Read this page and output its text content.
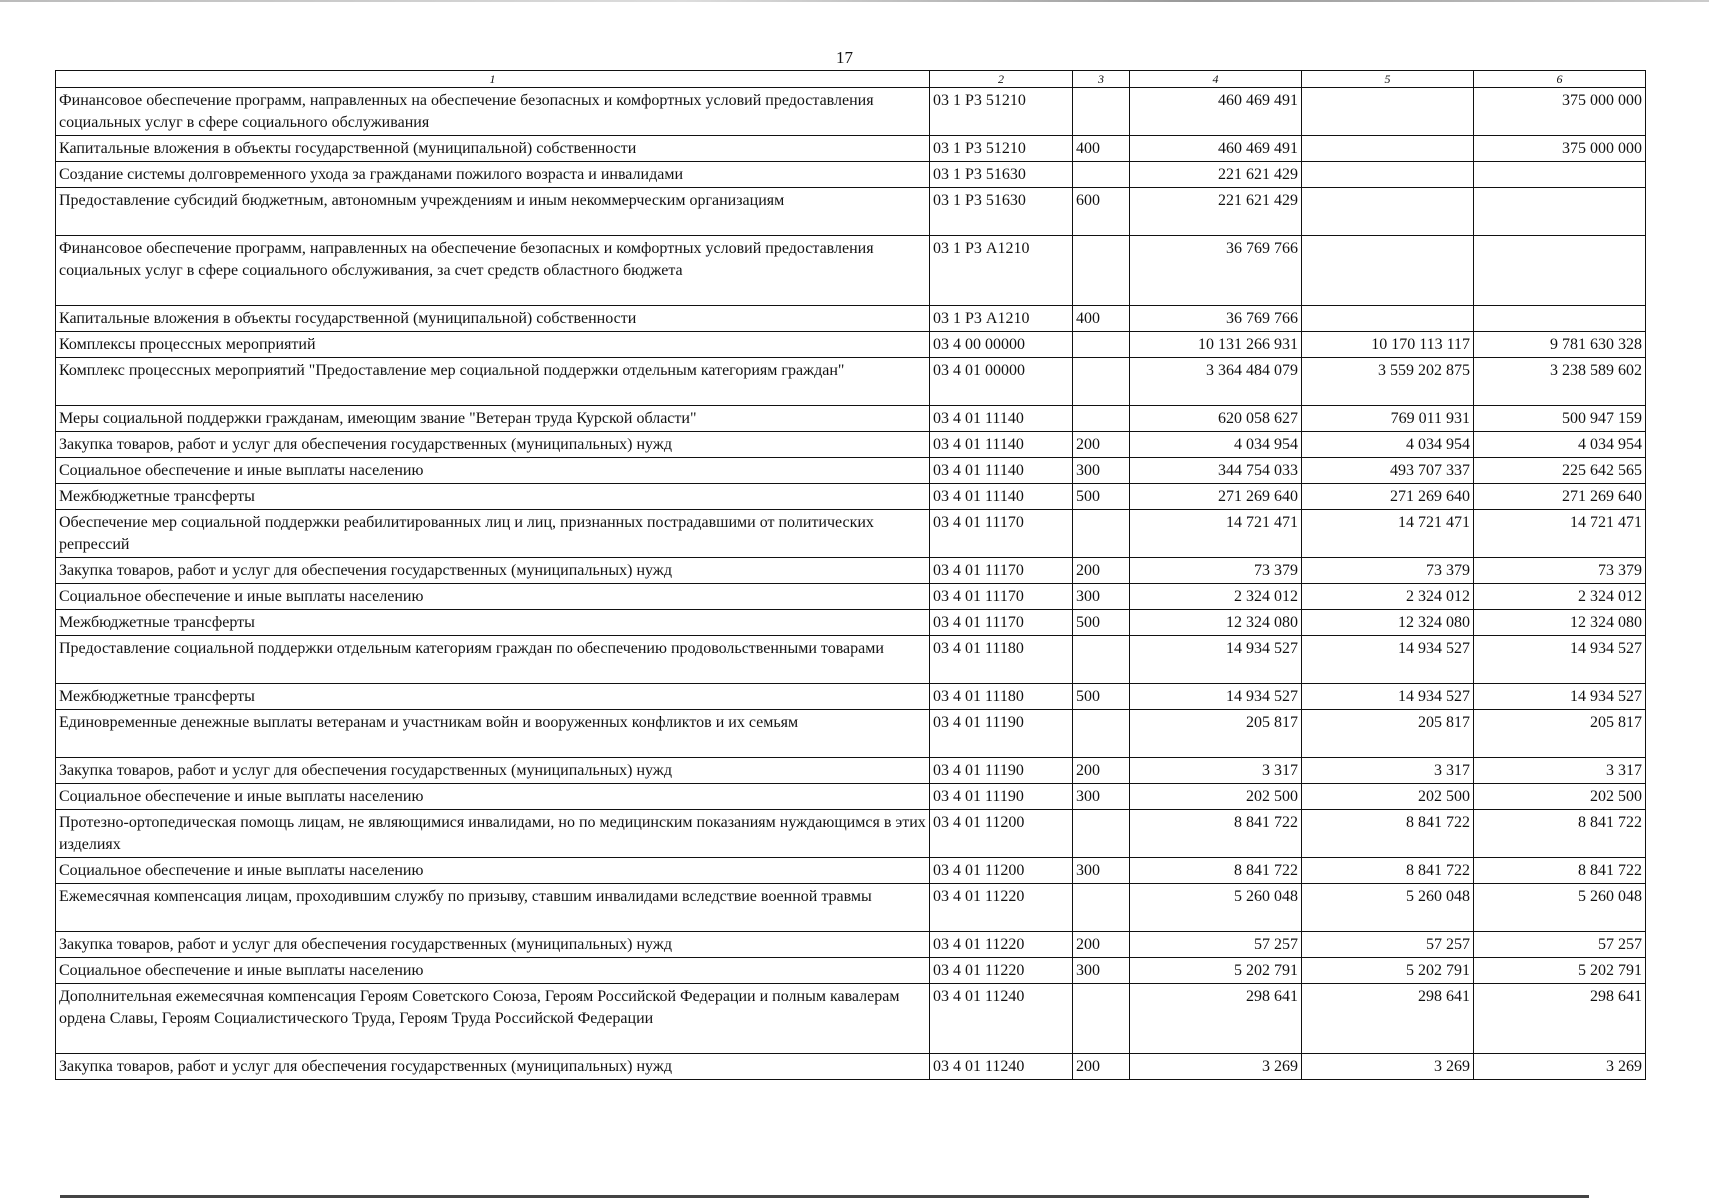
17
1	2	3	4	5	6
Финансовое обеспечение программ, направленных на обеспечение безопасных и комфортных условий предоставления социальных услуг в сфере социального обслуживания	03 1 Р3 51210		460 469 491		375 000 000
Капитальные вложения в объекты государственной (муниципальной) собственности	03 1 Р3 51210	400	460 469 491		375 000 000
Создание системы долговременного ухода за гражданами пожилого возраста и инвалидами	03 1 Р3 51630		221 621 429		
Предоставление субсидий бюджетным, автономным учреждениям и иным некоммерческим организациям	03 1 Р3 51630	600	221 621 429		
Финансовое обеспечение программ, направленных на обеспечение безопасных и комфортных условий предоставления социальных услуг в сфере социального обслуживания, за счет средств областного бюджета	03 1 Р3 А1210		36 769 766		
Капитальные вложения в объекты государственной (муниципальной) собственности	03 1 Р3 А1210	400	36 769 766		
Комплексы процессных мероприятий	03 4 00 00000		10 131 266 931	10 170 113 117	9 781 630 328
Комплекс процессных мероприятий "Предоставление мер социальной поддержки отдельным категориям граждан"	03 4 01 00000		3 364 484 079	3 559 202 875	3 238 589 602
Меры социальной поддержки гражданам, имеющим звание "Ветеран труда Курской области"	03 4 01 11140		620 058 627	769 011 931	500 947 159
Закупка товаров, работ и услуг для обеспечения государственных (муниципальных) нужд	03 4 01 11140	200	4 034 954	4 034 954	4 034 954
Социальное обеспечение и иные выплаты населению	03 4 01 11140	300	344 754 033	493 707 337	225 642 565
Межбюджетные трансферты	03 4 01 11140	500	271 269 640	271 269 640	271 269 640
Обеспечение мер социальной поддержки реабилитированных лиц и лиц, признанных пострадавшими от политических репрессий	03 4 01 11170		14 721 471	14 721 471	14 721 471
Закупка товаров, работ и услуг для обеспечения государственных (муниципальных) нужд	03 4 01 11170	200	73 379	73 379	73 379
Социальное обеспечение и иные выплаты населению	03 4 01 11170	300	2 324 012	2 324 012	2 324 012
Межбюджетные трансферты	03 4 01 11170	500	12 324 080	12 324 080	12 324 080
Предоставление социальной поддержки отдельным категориям граждан по обеспечению продовольственными товарами	03 4 01 11180		14 934 527	14 934 527	14 934 527
Межбюджетные трансферты	03 4 01 11180	500	14 934 527	14 934 527	14 934 527
Единовременные денежные выплаты ветеранам и участникам войн и вооруженных конфликтов и их семьям	03 4 01 11190		205 817	205 817	205 817
Закупка товаров, работ и услуг для обеспечения государственных (муниципальных) нужд	03 4 01 11190	200	3 317	3 317	3 317
Социальное обеспечение и иные выплаты населению	03 4 01 11190	300	202 500	202 500	202 500
Протезно-ортопедическая помощь лицам, не являющимися инвалидами, но по медицинским показаниям нуждающимся в этих изделиях	03 4 01 11200		8 841 722	8 841 722	8 841 722
Социальное обеспечение и иные выплаты населению	03 4 01 11200	300	8 841 722	8 841 722	8 841 722
Ежемесячная компенсация лицам, проходившим службу по призыву, ставшим инвалидами вследствие военной травмы	03 4 01 11220		5 260 048	5 260 048	5 260 048
Закупка товаров, работ и услуг для обеспечения государственных (муниципальных) нужд	03 4 01 11220	200	57 257	57 257	57 257
Социальное обеспечение и иные выплаты населению	03 4 01 11220	300	5 202 791	5 202 791	5 202 791
Дополнительная ежемесячная компенсация Героям Советского Союза, Героям Российской Федерации и полным кавалерам ордена Славы, Героям Социалистического Труда, Героям Труда Российской Федерации	03 4 01 11240		298 641	298 641	298 641
Закупка товаров, работ и услуг для обеспечения государственных (муниципальных) нужд	03 4 01 11240	200	3 269	3 269	3 269
